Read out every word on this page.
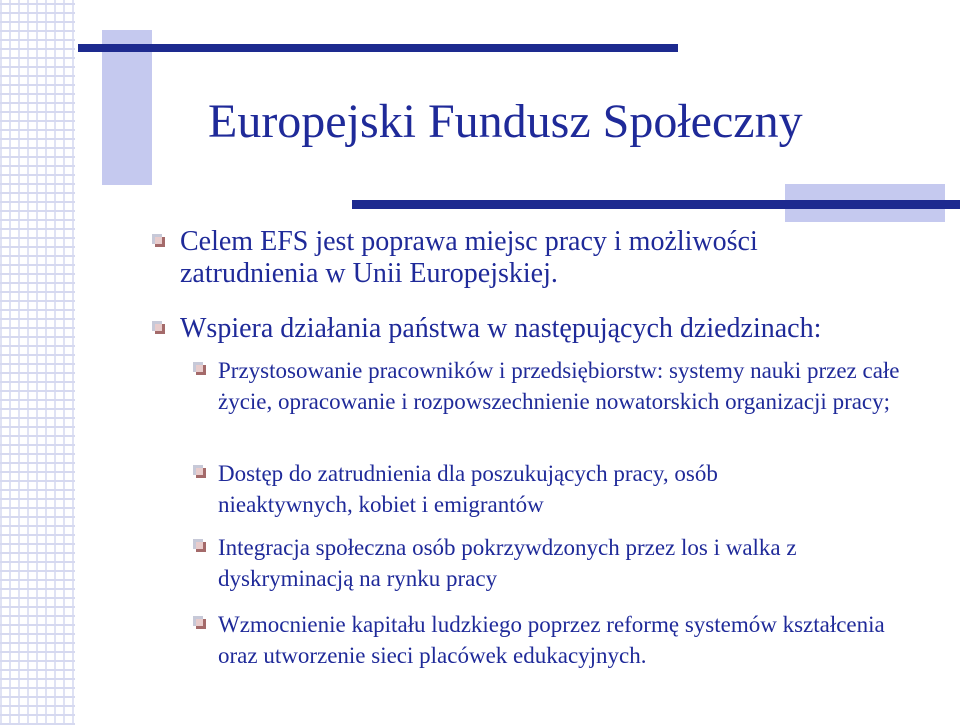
Europejski Fundusz Społeczny
Celem EFS jest poprawa miejsc pracy i możliwości zatrudnienia w Unii Europejskiej.
Wspiera działania państwa w następujących dziedzinach:
Przystosowanie pracowników i przedsiębiorstw: systemy nauki przez całe życie, opracowanie i rozpowszechnienie nowatorskich organizacji pracy;
Dostęp do zatrudnienia dla poszukujących pracy, osób nieaktywnych, kobiet i emigrantów
Integracja społeczna osób pokrzywdzonych przez los i walka z dyskryminacją na rynku pracy
Wzmocnienie kapitału ludzkiego poprzez reformę systemów kształcenia oraz utworzenie sieci placówek edukacyjnych.
